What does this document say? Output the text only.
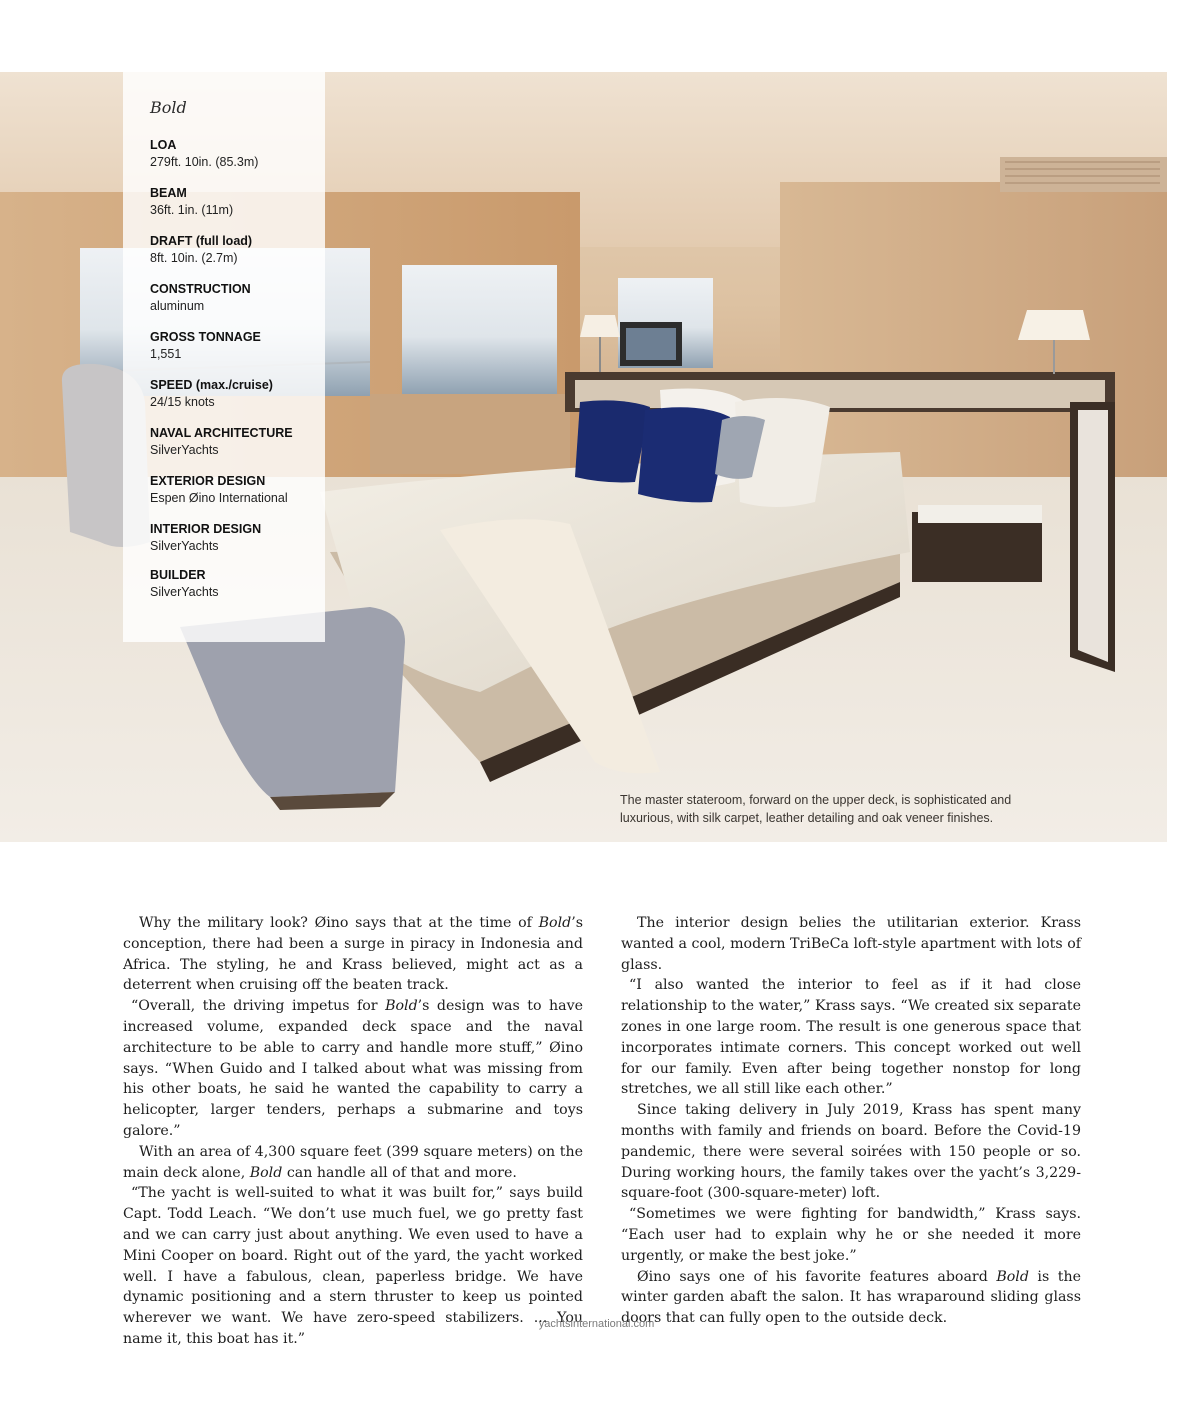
Bold
LOA
279ft. 10in. (85.3m)
BEAM
36ft. 1in. (11m)
DRAFT (full load)
8ft. 10in. (2.7m)
CONSTRUCTION
aluminum
GROSS TONNAGE
1,551
SPEED (max./cruise)
24/15 knots
NAVAL ARCHITECTURE
SilverYachts
EXTERIOR DESIGN
Espen Øino International
INTERIOR DESIGN
SilverYachts
BUILDER
SilverYachts
The master stateroom, forward on the upper deck, is sophisticated and luxurious, with silk carpet, leather detailing and oak veneer finishes.

Why the military look? Øino says that at the time of Bold’s conception, there had been a surge in piracy in Indonesia and Africa. The styling, he and Krass believed, might act as a deterrent when cruising off the beaten track.

“Overall, the driving impetus for Bold’s design was to have increased volume, expanded deck space and the naval architecture to be able to carry and handle more stuff,” Øino says. “When Guido and I talked about what was missing from his other boats, he said he wanted the capability to carry a helicopter, larger tenders, perhaps a submarine and toys galore.”

With an area of 4,300 square feet (399 square meters) on the main deck alone, Bold can handle all of that and more.

“The yacht is well-suited to what it was built for,” says build Capt. Todd Leach. “We don’t use much fuel, we go pretty fast and we can carry just about anything. We even used to have a Mini Cooper on board. Right out of the yard, the yacht worked well. I have a fabulous, clean, paperless bridge. We have dynamic positioning and a stern thruster to keep us pointed wherever we want. We have zero-speed stabilizers. ... You name it, this boat has it.”

The interior design belies the utilitarian exterior. Krass wanted a cool, modern TriBeCa loft-style apartment with lots of glass.

“I also wanted the interior to feel as if it had close relationship to the water,” Krass says. “We created six separate zones in one large room. The result is one generous space that incorporates intimate corners. This concept worked out well for our family. Even after being together nonstop for long stretches, we all still like each other.”

Since taking delivery in July 2019, Krass has spent many months with family and friends on board. Before the Covid-19 pandemic, there were several soirées with 150 people or so. During working hours, the family takes over the yacht’s 3,229-square-foot (300-square-meter) loft.

“Sometimes we were fighting for bandwidth,” Krass says. “Each user had to explain why he or she needed it more urgently, or make the best joke.”

Øino says one of his favorite features aboard Bold is the winter garden abaft the salon. It has wraparound sliding glass doors that can fully open to the outside deck.

yachtsinternational.com
